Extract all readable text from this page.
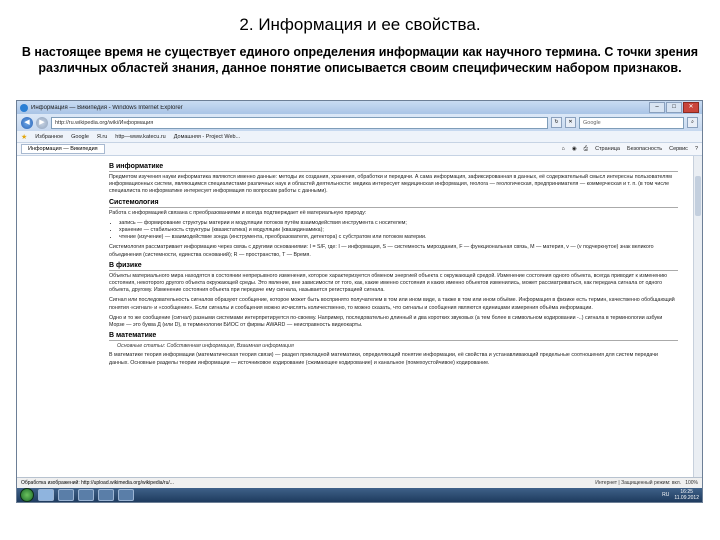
2. Информация и ее свойства.
В настоящее время не существует единого определения информации как научного термина. С точки зрения различных областей знания, данное понятие описывается своим специфическим набором признаков.
Информация — Википедия - Windows Internet Explorer	–	□	✕
◀	▶	http://ru.wikipedia.org/wiki/Информация	↻	✕	Google	⌕
★ Избранное Google Я.ru http—www.katecu.ru Домашняя - Project Web...
Информация — Википедия	⌂ ◉ ⎙ Страница Безопасность Сервис ?
В информатике

Предметом изучения науки информатика являются именно данные: методы их создания, хранения, обработки и передачи. А сама информация, зафиксированная в данных, её содержательный смысл интересны пользователям информационных систем, являющимся специалистами различных наук и областей деятельности: медика интересует медицинская информация, геолога — геологическая, предпринимателя — коммерческая и т. п. (в том числе специалиста по информатике интересует информация по вопросам работы с данными).

Системология

Работа с информацией связана с преобразованиями и всегда подтверждает её материальную природу:

• запись — формирование структуры материи и модуляции потоков путём взаимодействия инструмента с носителем;
• хранение — стабильность структуры (квазистатика) и модуляции (квазидинамика);
• чтение (изучение) — взаимодействие зонда (инструмента, преобразователя, детектора) с субстратом или потоком материи.

Системология рассматривает информацию через связь с другими основаниями: I = S/F, где: I — информация, S — системность мироздания, F — функциональная связь, M — материя, v — (v подчеркнутое) знак великого объединения (системности, единства оснований); R — пространство, T — Время.

В физике

Объекты материального мира находятся в состоянии непрерывного изменения, которое характеризуется обменом энергией объекта с окружающей средой. Изменение состояния одного объекта, всегда приводит к изменению состояния, некоторого другого объекта окружающей среды. Это явление, вне зависимости от того, как, какие именно состояния и каких именно объектов изменились, может рассматриваться, как передача сигнала от одного объекта, другому. Изменение состояния объекта при передаче ему сигнала, называется регистрацией сигнала.

Сигнал или последовательность сигналов образуют сообщение, которое может быть воспринято получателем в том или ином виде, а также в том или ином объёме. Информация в физике есть термин, качественно обобщающий понятия «сигнал» и «сообщение». Если сигналы и сообщения можно исчислять количественно, то можно сказать, что сигналы и сообщения являются единицами измерения объёма информации.

Одно и то же сообщение (сигнал) разными системами интерпретируется по-своему. Например, последовательно длинный и два коротких звуковых (а тем более в символьном кодировании -..) сигнала в терминологии азбуки Морзе — это буква Д (или D), в терминологии БИОС от фирмы AWARD — неисправность видеокарты.

В математике
Основные статьи: Собственная информация, Взаимная информация

В математике теория информации (математическая теория связи) — раздел прикладной математики, определяющий понятие информации, её свойства и устанавливающий предельные соотношения для систем передачи данных. Основные разделы теории информации — источниковое кодирование (сжимающее кодирование) и канальное (помехоустойчивое) кодирование.

Обработка изображений: http://upload.wikimedia.org/wikipedia/ru/...	Интернет | Защищенный режим: вкл. 100%
RU	16:25
11.09.2012
